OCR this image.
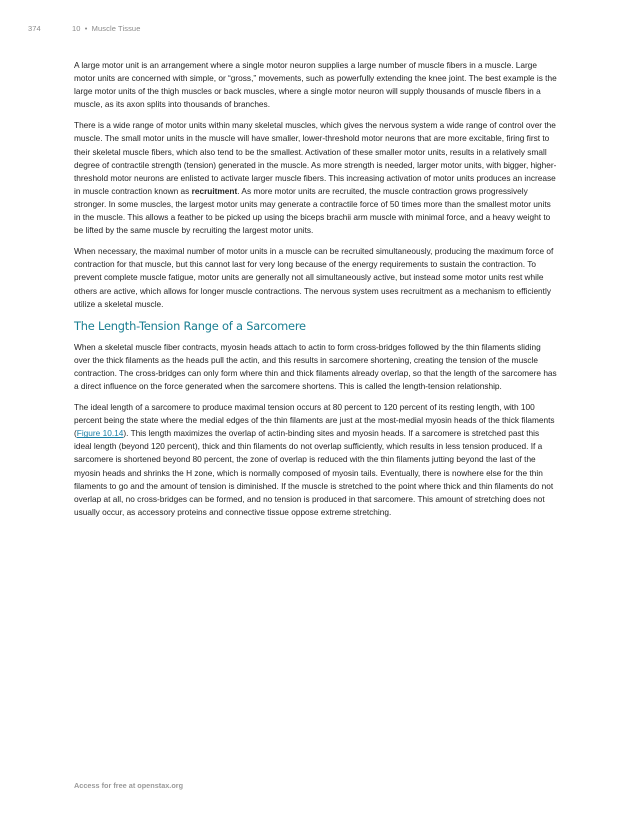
374	10 • Muscle Tissue

A large motor unit is an arrangement where a single motor neuron supplies a large number of muscle fibers in a muscle. Large motor units are concerned with simple, or “gross,” movements, such as powerfully extending the knee joint. The best example is the large motor units of the thigh muscles or back muscles, where a single motor neuron will supply thousands of muscle fibers in a muscle, as its axon splits into thousands of branches.

There is a wide range of motor units within many skeletal muscles, which gives the nervous system a wide range of control over the muscle. The small motor units in the muscle will have smaller, lower-threshold motor neurons that are more excitable, firing first to their skeletal muscle fibers, which also tend to be the smallest. Activation of these smaller motor units, results in a relatively small degree of contractile strength (tension) generated in the muscle. As more strength is needed, larger motor units, with bigger, higher-threshold motor neurons are enlisted to activate larger muscle fibers. This increasing activation of motor units produces an increase in muscle contraction known as recruitment. As more motor units are recruited, the muscle contraction grows progressively stronger. In some muscles, the largest motor units may generate a contractile force of 50 times more than the smallest motor units in the muscle. This allows a feather to be picked up using the biceps brachii arm muscle with minimal force, and a heavy weight to be lifted by the same muscle by recruiting the largest motor units.

When necessary, the maximal number of motor units in a muscle can be recruited simultaneously, producing the maximum force of contraction for that muscle, but this cannot last for very long because of the energy requirements to sustain the contraction. To prevent complete muscle fatigue, motor units are generally not all simultaneously active, but instead some motor units rest while others are active, which allows for longer muscle contractions. The nervous system uses recruitment as a mechanism to efficiently utilize a skeletal muscle.

The Length-Tension Range of a Sarcomere

When a skeletal muscle fiber contracts, myosin heads attach to actin to form cross-bridges followed by the thin filaments sliding over the thick filaments as the heads pull the actin, and this results in sarcomere shortening, creating the tension of the muscle contraction. The cross-bridges can only form where thin and thick filaments already overlap, so that the length of the sarcomere has a direct influence on the force generated when the sarcomere shortens. This is called the length-tension relationship.

The ideal length of a sarcomere to produce maximal tension occurs at 80 percent to 120 percent of its resting length, with 100 percent being the state where the medial edges of the thin filaments are just at the most-medial myosin heads of the thick filaments (Figure 10.14). This length maximizes the overlap of actin-binding sites and myosin heads. If a sarcomere is stretched past this ideal length (beyond 120 percent), thick and thin filaments do not overlap sufficiently, which results in less tension produced. If a sarcomere is shortened beyond 80 percent, the zone of overlap is reduced with the thin filaments jutting beyond the last of the myosin heads and shrinks the H zone, which is normally composed of myosin tails. Eventually, there is nowhere else for the thin filaments to go and the amount of tension is diminished. If the muscle is stretched to the point where thick and thin filaments do not overlap at all, no cross-bridges can be formed, and no tension is produced in that sarcomere. This amount of stretching does not usually occur, as accessory proteins and connective tissue oppose extreme stretching.

Access for free at openstax.org
